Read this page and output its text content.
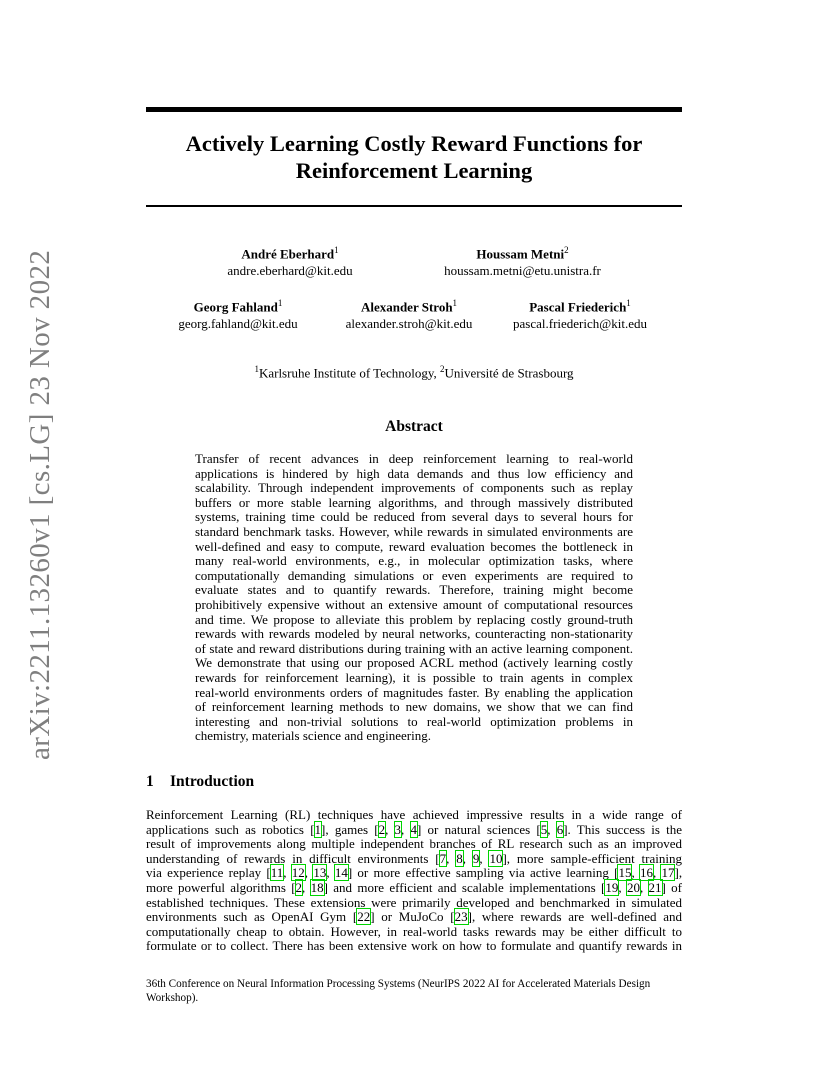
arXiv:2211.13260v1 [cs.LG] 23 Nov 2022
Actively Learning Costly Reward Functions for
Reinforcement Learning
André Eberhard$^1$
andre.eberhard@kit.edu
Houssam Metni$^2$
houssam.metni@etu.unistra.fr
Georg Fahland$^1$
georg.fahland@kit.edu
Alexander Stroh$^1$
alexander.stroh@kit.edu
Pascal Friederich$^1$
pascal.friederich@kit.edu
$^1$Karlsruhe Institute of Technology, $^2$Université de Strasbourg
Abstract
Transfer of recent advances in deep reinforcement learning to real-world
applications is hindered by high data demands and thus low efficiency and
scalability. Through independent improvements of components such as replay
buffers or more stable learning algorithms, and through massively distributed
systems, training time could be reduced from several days to several hours for
standard benchmark tasks. However, while rewards in simulated environments are
well-defined and easy to compute, reward evaluation becomes the bottleneck in
many real-world environments, e.g., in molecular optimization tasks, where
computationally demanding simulations or even experiments are required to
evaluate states and to quantify rewards. Therefore, training might become
prohibitively expensive without an extensive amount of computational resources
and time. We propose to alleviate this problem by replacing costly ground-truth
rewards with rewards modeled by neural networks, counteracting non-stationarity
of state and reward distributions during training with an active learning component.
We demonstrate that using our proposed ACRL method (actively learning costly
rewards for reinforcement learning), it is possible to train agents in complex
real-world environments orders of magnitudes faster. By enabling the application
of reinforcement learning methods to new domains, we show that we can find
interesting and non-trivial solutions to real-world optimization problems in
chemistry, materials science and engineering.
1 Introduction
Reinforcement Learning (RL) techniques have achieved impressive results in a wide range of
applications such as robotics [1], games [2, 3, 4] or natural sciences [5, 6]. This success is the
result of improvements along multiple independent branches of RL research such as an improved
understanding of rewards in difficult environments [7, 8, 9, 10], more sample-efficient training
via experience replay [11, 12, 13, 14] or more effective sampling via active learning [15, 16, 17],
more powerful algorithms [2, 18] and more efficient and scalable implementations [19, 20, 21] of
established techniques. These extensions were primarily developed and benchmarked in simulated
environments such as OpenAI Gym [22] or MuJoCo [23], where rewards are well-defined and
computationally cheap to obtain. However, in real-world tasks rewards may be either difficult to
formulate or to collect. There has been extensive work on how to formulate and quantify rewards in
36th Conference on Neural Information Processing Systems (NeurIPS 2022 AI for Accelerated Materials Design
Workshop).
